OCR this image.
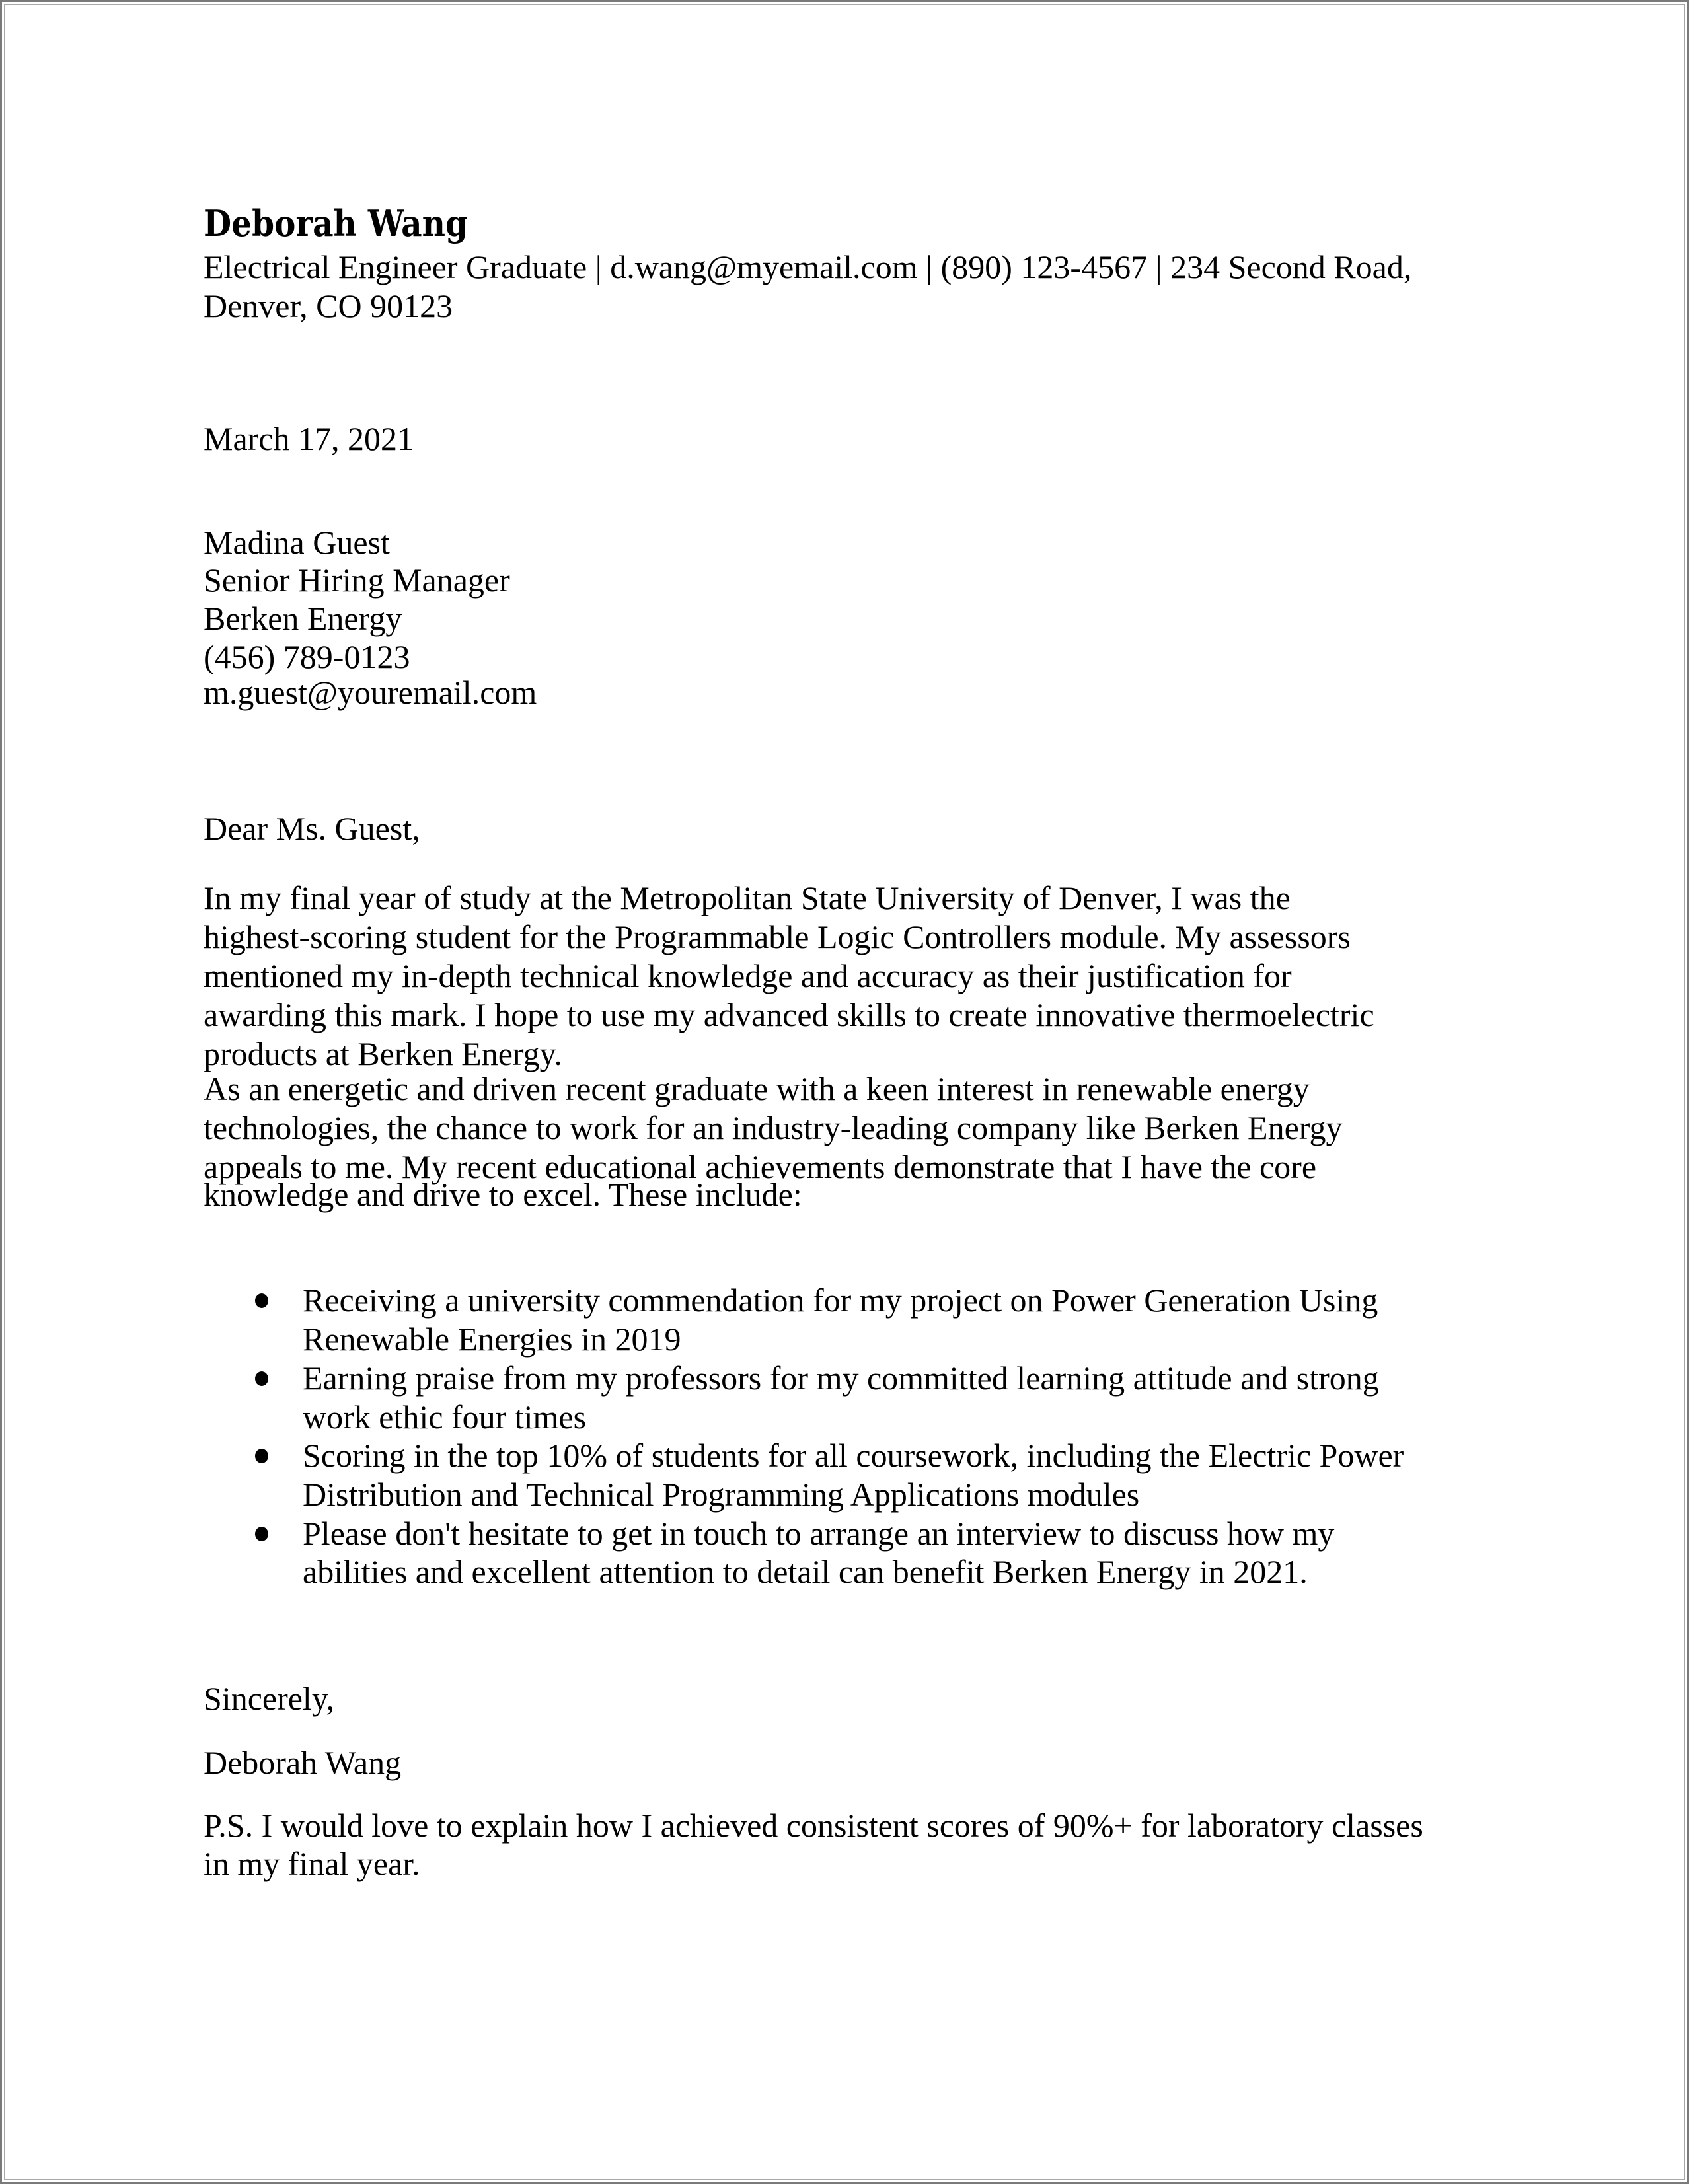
Deborah Wang
Electrical Engineer Graduate | d.wang@myemail.com | (890) 123-4567 | 234 Second Road,
Denver, CO 90123
March 17, 2021
Madina Guest
Senior Hiring Manager
Berken Energy
(456) 789-0123
m.guest@youremail.com
Dear Ms. Guest,
In my final year of study at the Metropolitan State University of Denver, I was the
highest-scoring student for the Programmable Logic Controllers module. My assessors
mentioned my in-depth technical knowledge and accuracy as their justification for
awarding this mark. I hope to use my advanced skills to create innovative thermoelectric
products at Berken Energy.
As an energetic and driven recent graduate with a keen interest in renewable energy
technologies, the chance to work for an industry-leading company like Berken Energy
appeals to me. My recent educational achievements demonstrate that I have the core
knowledge and drive to excel. These include:
Receiving a university commendation for my project on Power Generation Using
Renewable Energies in 2019
Earning praise from my professors for my committed learning attitude and strong
work ethic four times
Scoring in the top 10% of students for all coursework, including the Electric Power
Distribution and Technical Programming Applications modules
Please don't hesitate to get in touch to arrange an interview to discuss how my
abilities and excellent attention to detail can benefit Berken Energy in 2021.
Sincerely,
Deborah Wang
P.S. I would love to explain how I achieved consistent scores of 90%+ for laboratory classes
in my final year.
